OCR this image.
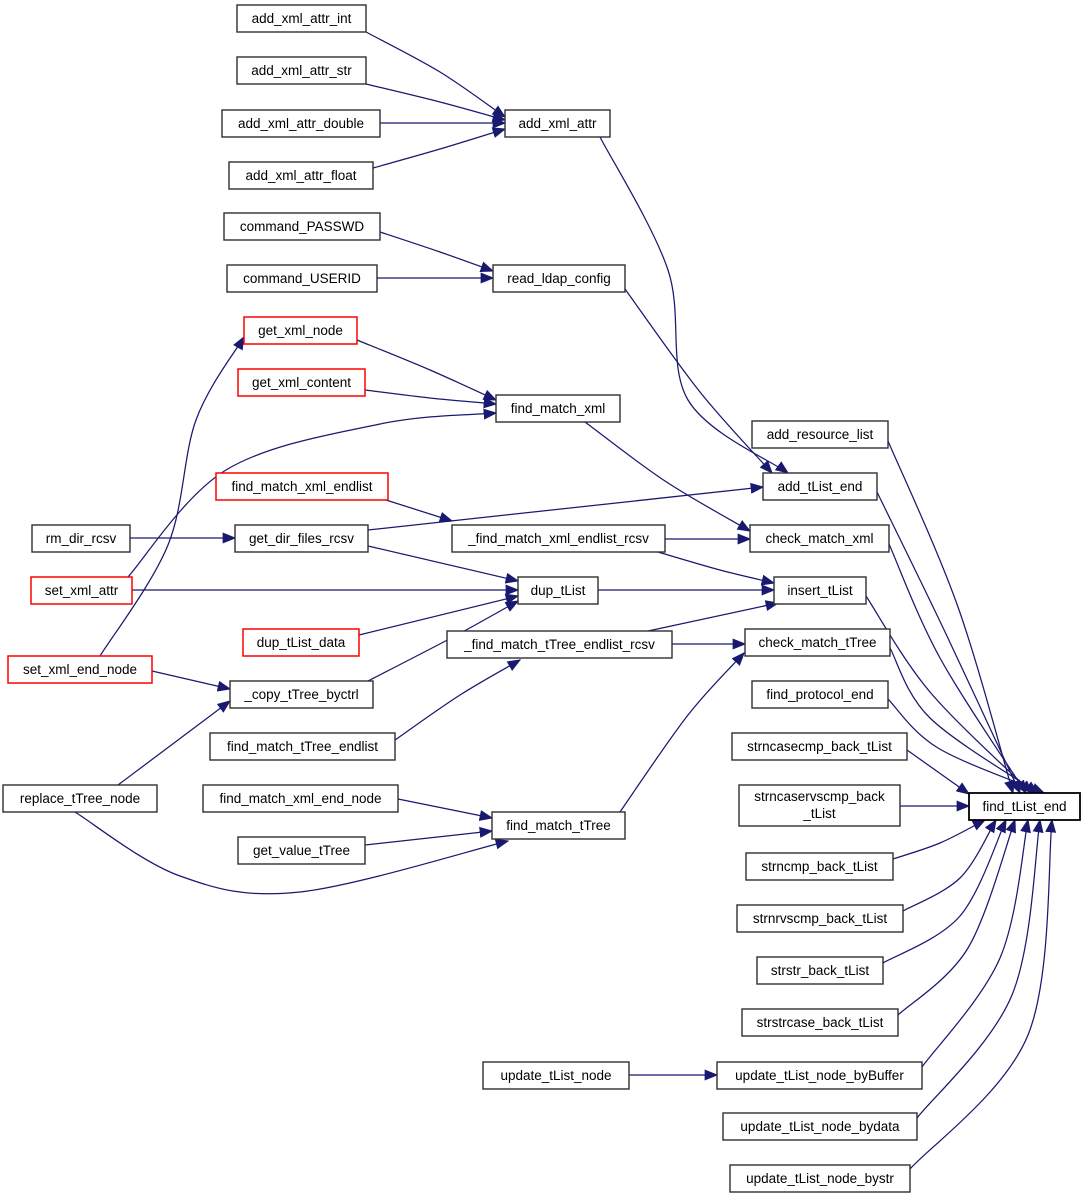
add_xml_attr_int
add_xml_attr_str
add_xml_attr_double
add_xml_attr_float
add_xml_attr
command_PASSWD
command_USERID	read_ldap_config
get_xml_node
get_xml_content
find_match_xml
find_match_xml_endlist
rm_dir_rcsv	get_dir_files_rcsv	_find_match_xml_endlist_rcsv
set_xml_attr	dup_tList
dup_tList_data
set_xml_end_node
_copy_tTree_byctrl
_find_match_tTree_endlist_rcsv
find_match_tTree_endlist
replace_tTree_node	find_match_xml_end_node
get_value_tTree
find_match_tTree
add_resource_list
add_tList_end
check_match_xml
insert_tList
check_match_tTree
find_protocol_end
strncasecmp_back_tList
strncaservscmp_back _tList
strncmp_back_tList
strnrvscmp_back_tList
strstr_back_tList
strstrcase_back_tList
update_tList_node	update_tList_node_byBuffer
update_tList_node_bydata
update_tList_node_bystr
find_tList_end
